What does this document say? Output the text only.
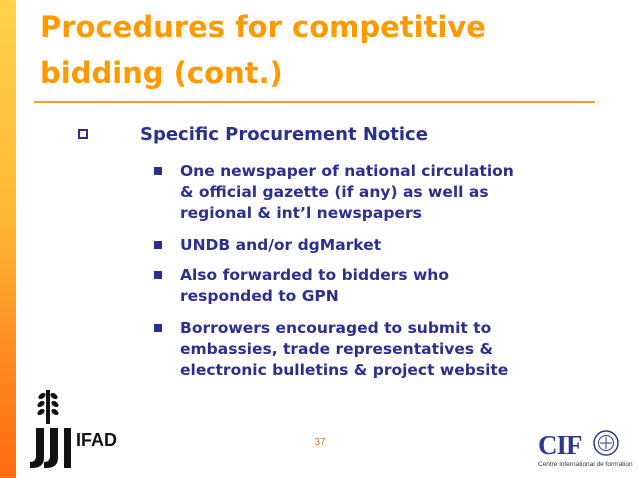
Procedures for competitive
bidding (cont.)
Specific Procurement Notice
One newspaper of national circulation
& official gazette (if any) as well as
regional & int’l newspapers
UNDB and/or dgMarket
Also forwarded to bidders who
responded to GPN
Borrowers encouraged to submit to
embassies, trade representatives &
electronic bulletins & project website
IFAD	37	CIF
Centre international de formation
